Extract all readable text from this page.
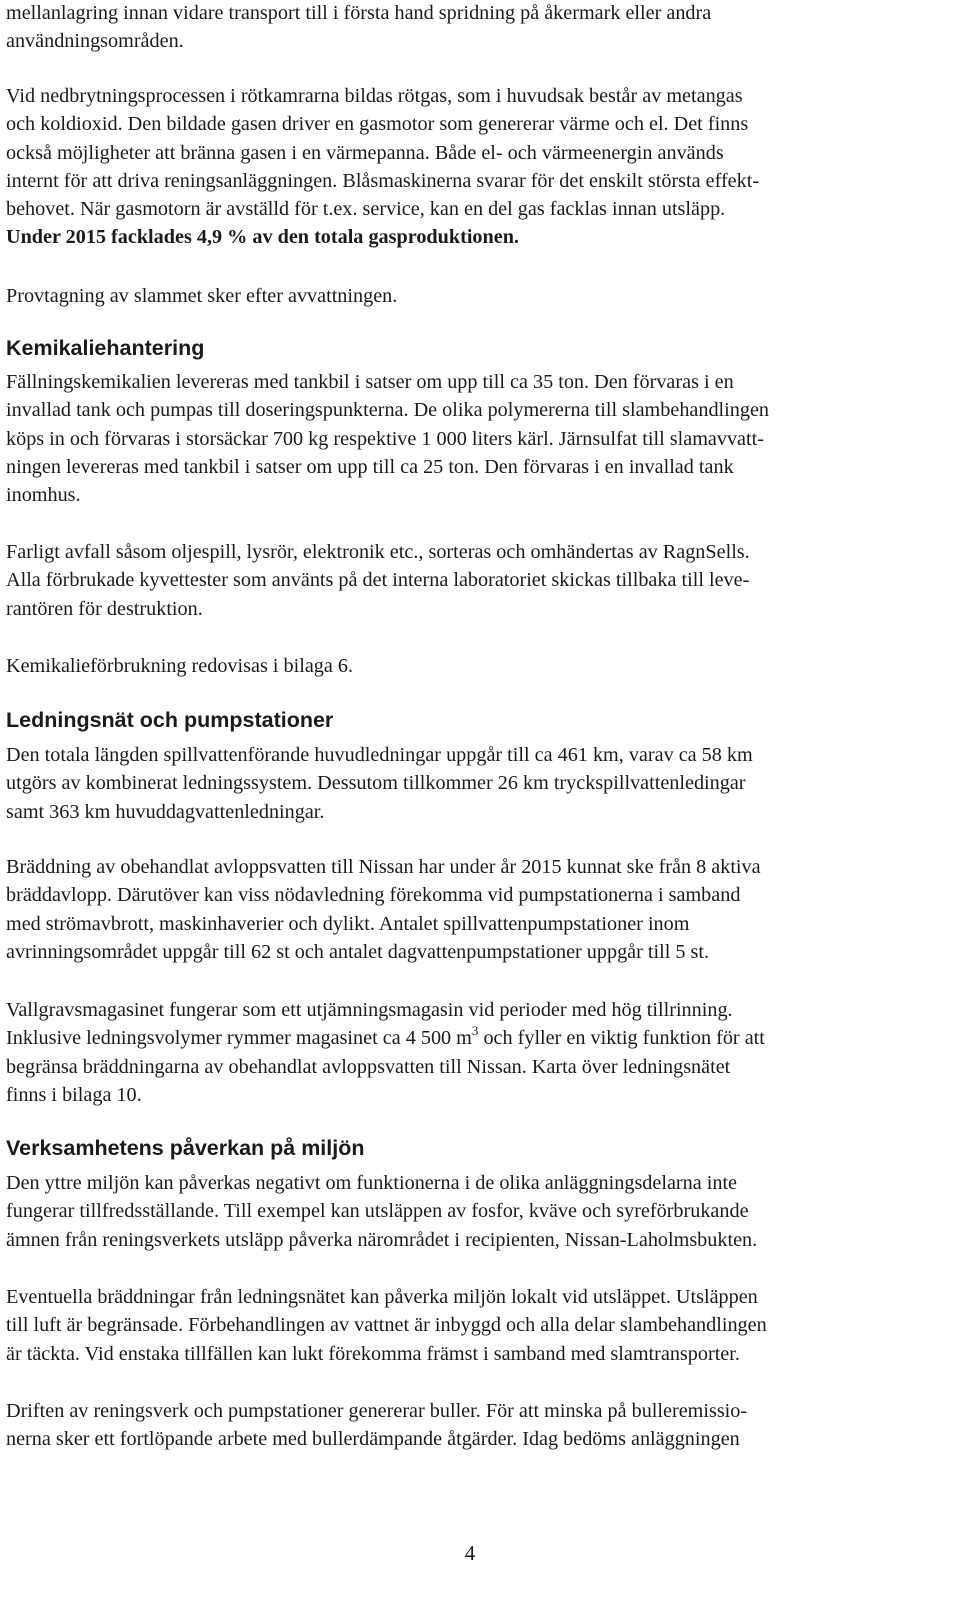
mellanlagring innan vidare transport till i första hand spridning på åkermark eller andra
användningsområden.
Vid nedbrytningsprocessen i rötkamrarna bildas rötgas, som i huvudsak består av metangas
och koldioxid. Den bildade gasen driver en gasmotor som genererar värme och el. Det finns
också möjligheter att bränna gasen i en värmepanna. Både el- och värmeenergin används
internt för att driva reningsanläggningen. Blåsmaskinerna svarar för det enskilt största effekt-
behovet. När gasmotorn är avställd för t.ex. service, kan en del gas facklas innan utsläpp.
Under 2015 facklades 4,9 % av den totala gasproduktionen.
Provtagning av slammet sker efter avvattningen.
Kemikaliehantering
Fällningskemikalien levereras med tankbil i satser om upp till ca 35 ton. Den förvaras i en
invallad tank och pumpas till doseringspunkterna. De olika polymererna till slambehandlingen
köps in och förvaras i storsäckar 700 kg respektive 1 000 liters kärl. Järnsulfat till slamavvatt-
ningen levereras med tankbil i satser om upp till ca 25 ton. Den förvaras i en invallad tank
inomhus.
Farligt avfall såsom oljespill, lysrör, elektronik etc., sorteras och omhändertas av RagnSells.
Alla förbrukade kyvettester som använts på det interna laboratoriet skickas tillbaka till leve-
rantören för destruktion.
Kemikalieförbrukning redovisas i bilaga 6.
Ledningsnät och pumpstationer
Den totala längden spillvattenförande huvudledningar uppgår till ca 461 km, varav ca 58 km
utgörs av kombinerat ledningssystem. Dessutom tillkommer 26 km tryckspillvattenledingar
samt 363 km huvuddagvattenledningar.
Bräddning av obehandlat avloppsvatten till Nissan har under år 2015 kunnat ske från 8 aktiva
bräddavlopp. Därutöver kan viss nödavledning förekomma vid pumpstationerna i samband
med strömavbrott, maskinhaverier och dylikt. Antalet spillvattenpumpstationer inom
avrinningsområdet uppgår till 62 st och antalet dagvattenpumpstationer uppgår till 5 st.
Vallgravsmagasinet fungerar som ett utjämningsmagasin vid perioder med hög tillrinning.
Inklusive ledningsvolymer rymmer magasinet ca 4 500 $m^3$ och fyller en viktig funktion för att
begränsa bräddningarna av obehandlat avloppsvatten till Nissan. Karta över ledningsnätet
finns i bilaga 10.
Verksamhetens påverkan på miljön
Den yttre miljön kan påverkas negativt om funktionerna i de olika anläggningsdelarna inte
fungerar tillfredsställande. Till exempel kan utsläppen av fosfor, kväve och syreförbrukande
ämnen från reningsverkets utsläpp påverka närområdet i recipienten, Nissan-Laholmsbukten.
Eventuella bräddningar från ledningsnätet kan påverka miljön lokalt vid utsläppet. Utsläppen
till luft är begränsade. Förbehandlingen av vattnet är inbyggd och alla delar slambehandlingen
är täckta. Vid enstaka tillfällen kan lukt förekomma främst i samband med slamtransporter.
Driften av reningsverk och pumpstationer genererar buller. För att minska på bulleremissio-
nerna sker ett fortlöpande arbete med bullerdämpande åtgärder. Idag bedöms anläggningen
4
